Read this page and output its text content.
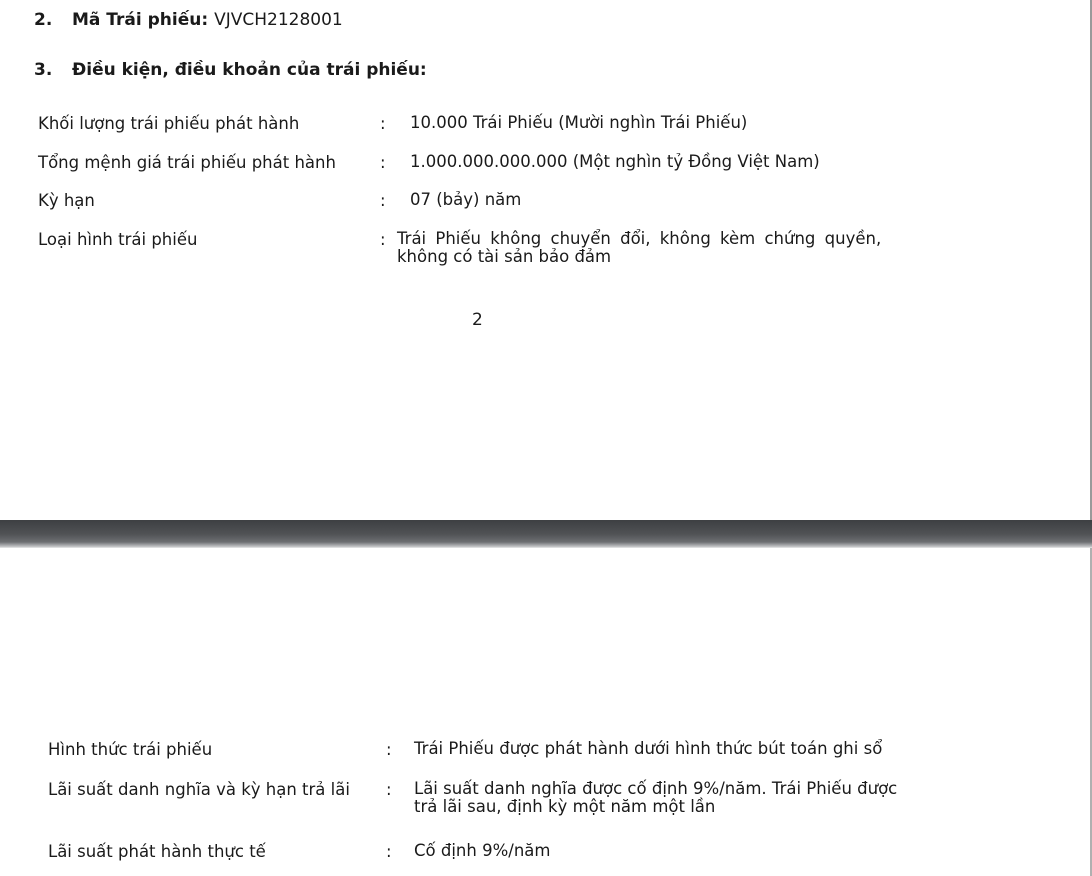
2. Mã Trái phiếu: VJVCH2128001
3. Điều kiện, điều khoản của trái phiếu:
Khối lượng trái phiếu phát hành	: 10.000 Trái Phiếu (Mười nghìn Trái Phiếu)
Tổng mệnh giá trái phiếu phát hành	: 1.000.000.000.000 (Một nghìn tỷ Đồng Việt Nam)
Kỳ hạn	: 07 (bảy) năm
Loại hình trái phiếu	: Trái Phiếu không chuyển đổi, không kèm chứng quyền,
không có tài sản bảo đảm
2
Hình thức trái phiếu	: Trái Phiếu được phát hành dưới hình thức bút toán ghi sổ
Lãi suất danh nghĩa và kỳ hạn trả lãi : Lãi suất danh nghĩa được cố định 9%/năm. Trái Phiếu được
trả lãi sau, định kỳ một năm một lần
Lãi suất phát hành thực tế	: Cố định 9%/năm
